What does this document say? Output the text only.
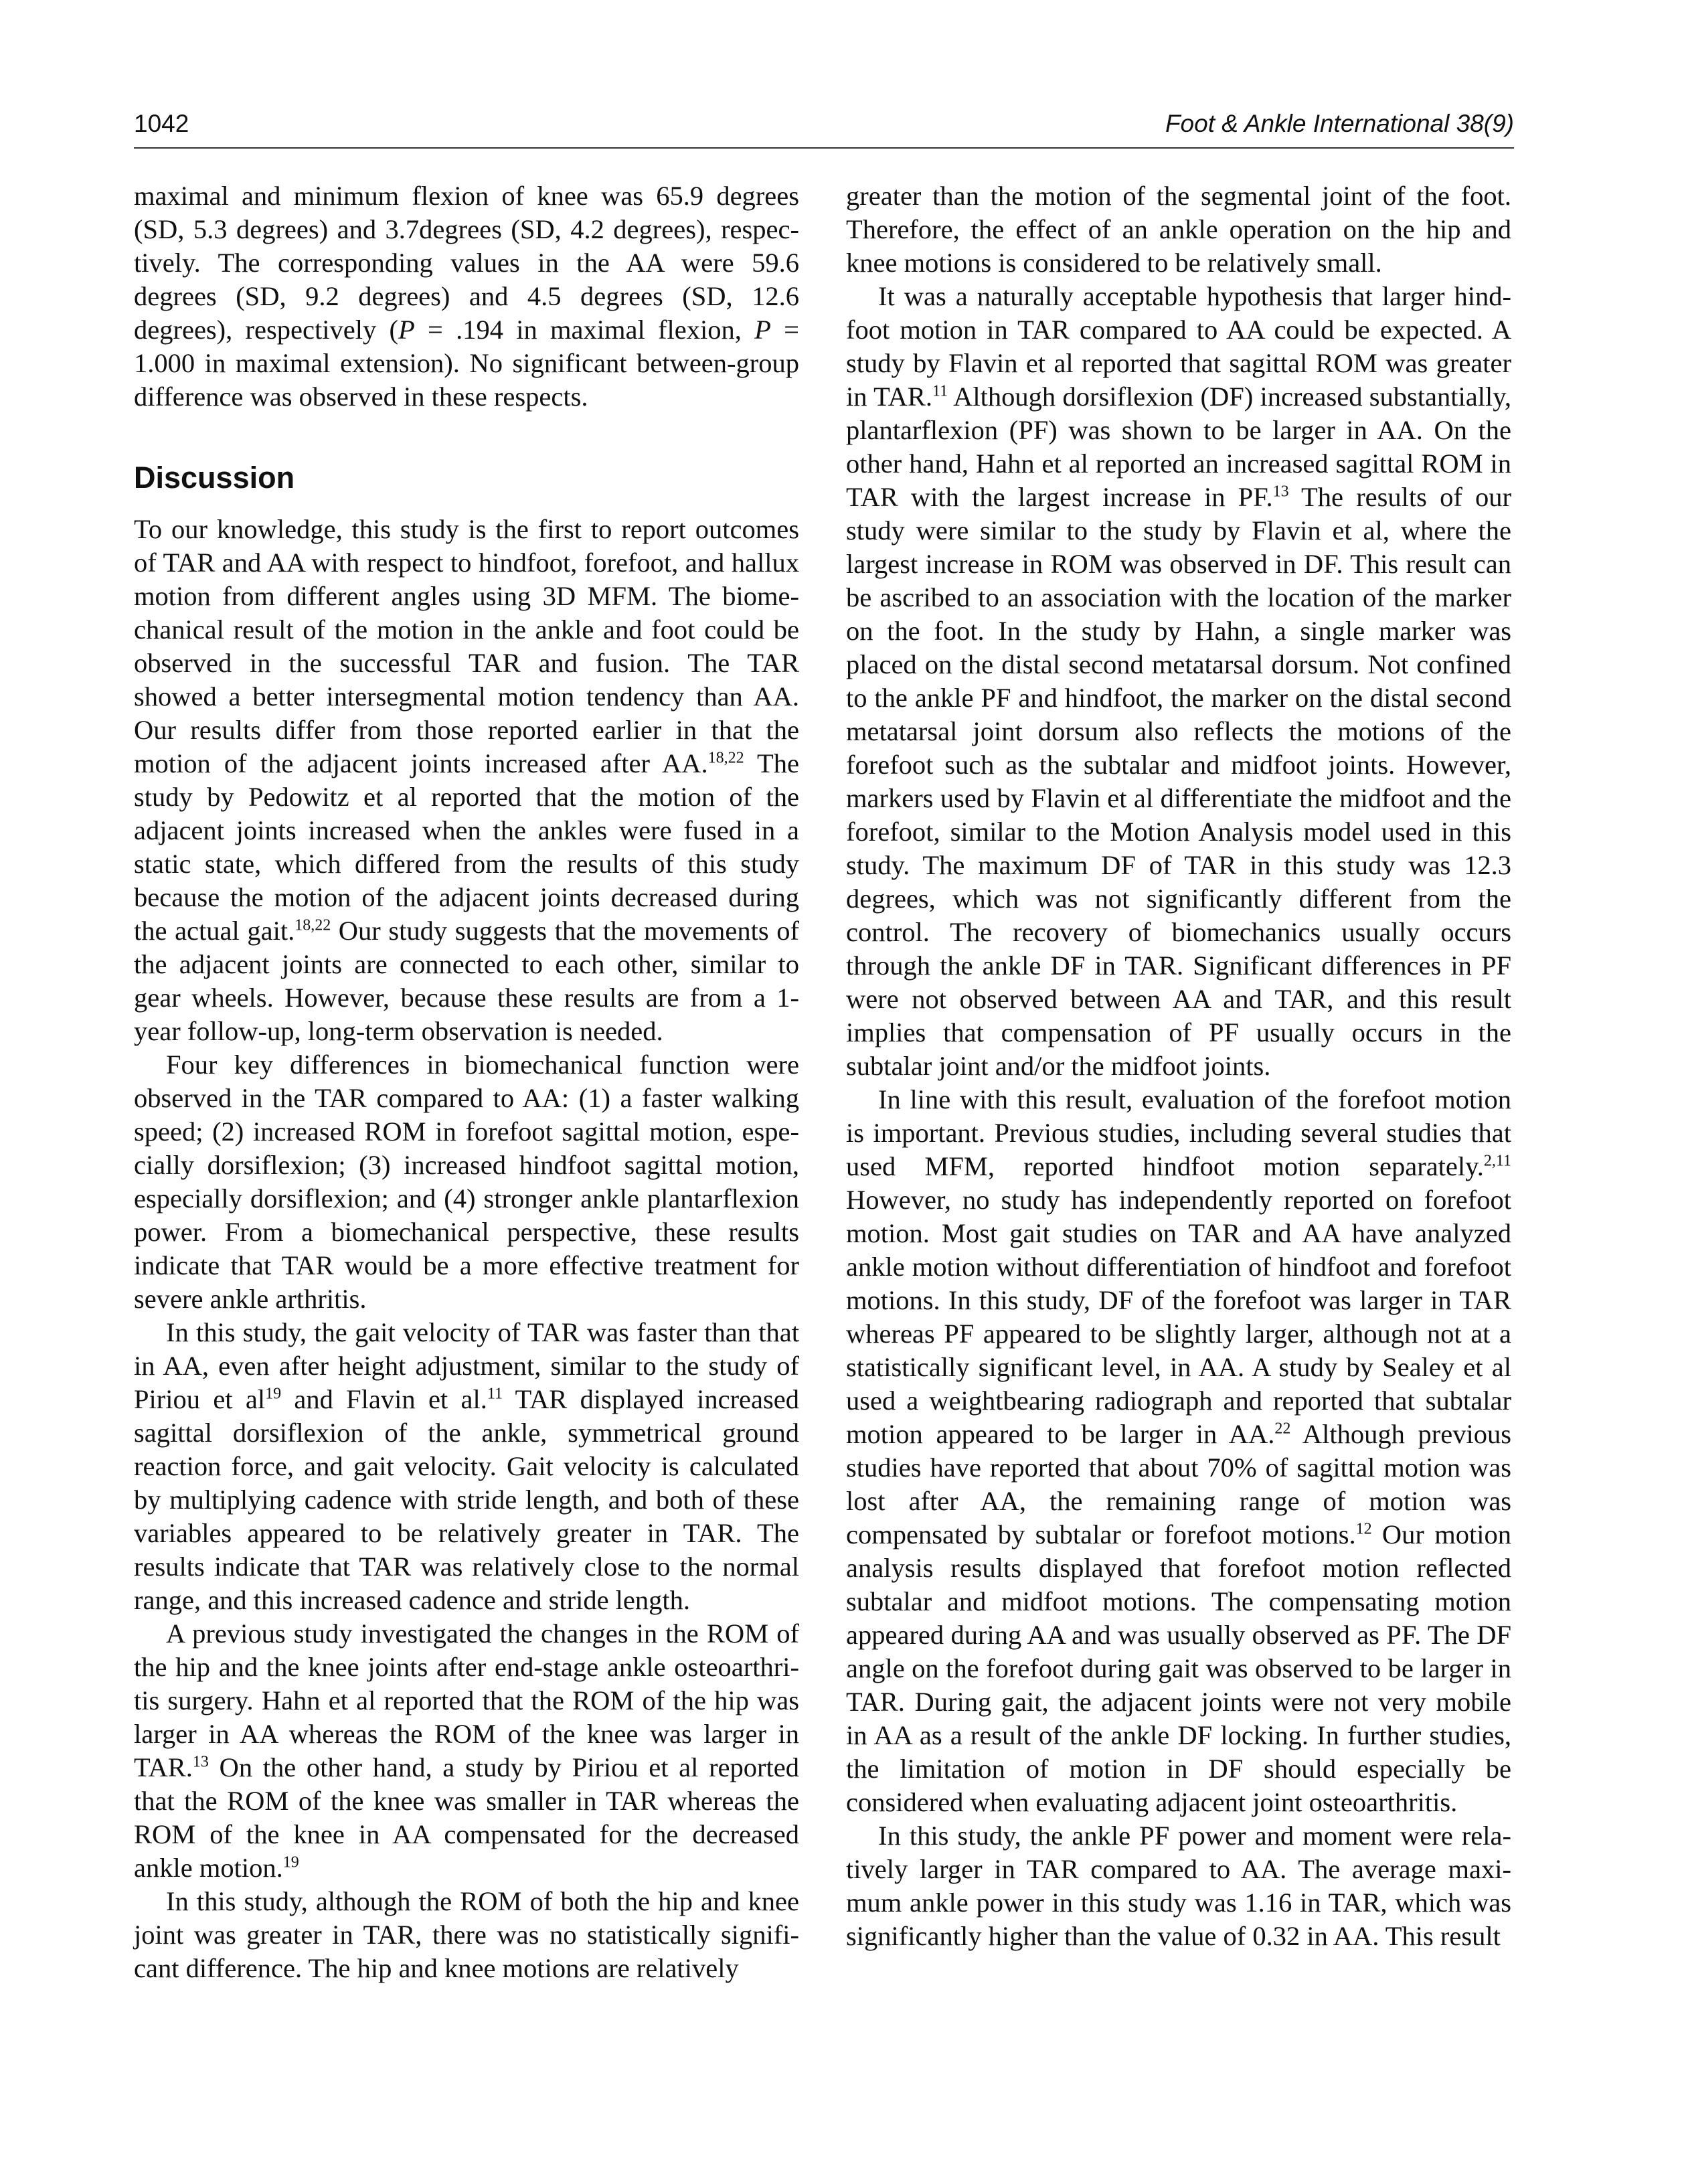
1042	Foot & Ankle International 38(9)

maximal and minimum flexion of knee was 65.9 degrees (SD, 5.3 degrees) and 3.7degrees (SD, 4.2 degrees), respectively. The corresponding values in the AA were 59.6 degrees (SD, 9.2 degrees) and 4.5 degrees (SD, 12.6 degrees), respectively (P = .194 in maximal flexion, P = 1.000 in maximal extension). No significant between-group difference was observed in these respects.

Discussion

To our knowledge, this study is the first to report outcomes of TAR and AA with respect to hindfoot, forefoot, and hallux motion from different angles using 3D MFM. The biomechanical result of the motion in the ankle and foot could be observed in the successful TAR and fusion. The TAR showed a better intersegmental motion tendency than AA. Our results differ from those reported earlier in that the motion of the adjacent joints increased after AA.$^{18,22}$ The study by Pedowitz et al reported that the motion of the adjacent joints increased when the ankles were fused in a static state, which differed from the results of this study because the motion of the adjacent joints decreased during the actual gait.$^{18,22}$ Our study suggests that the movements of the adjacent joints are connected to each other, similar to gear wheels. However, because these results are from a 1-year follow-up, long-term observation is needed.

Four key differences in biomechanical function were observed in the TAR compared to AA: (1) a faster walking speed; (2) increased ROM in forefoot sagittal motion, especially dorsiflexion; (3) increased hindfoot sagittal motion, especially dorsiflexion; and (4) stronger ankle plantarflexion power. From a biomechanical perspective, these results indicate that TAR would be a more effective treatment for severe ankle arthritis.

In this study, the gait velocity of TAR was faster than that in AA, even after height adjustment, similar to the study of Piriou et $al^{19}$ and Flavin et al.$^{11}$ TAR displayed increased sagittal dorsiflexion of the ankle, symmetrical ground reaction force, and gait velocity. Gait velocity is calculated by multiplying cadence with stride length, and both of these variables appeared to be relatively greater in TAR. The results indicate that TAR was relatively close to the normal range, and this increased cadence and stride length.

A previous study investigated the changes in the ROM of the hip and the knee joints after end-stage ankle osteoarthritis surgery. Hahn et al reported that the ROM of the hip was larger in AA whereas the ROM of the knee was larger in TAR.$^{13}$ On the other hand, a study by Piriou et al reported that the ROM of the knee was smaller in TAR whereas the ROM of the knee in AA compensated for the decreased ankle motion.$^{19}$

In this study, although the ROM of both the hip and knee joint was greater in TAR, there was no statistically significant difference. The hip and knee motions are relatively

greater than the motion of the segmental joint of the foot. Therefore, the effect of an ankle operation on the hip and knee motions is considered to be relatively small.

It was a naturally acceptable hypothesis that larger hindfoot motion in TAR compared to AA could be expected. A study by Flavin et al reported that sagittal ROM was greater in TAR.$^{11}$ Although dorsiflexion (DF) increased substantially, plantarflexion (PF) was shown to be larger in AA. On the other hand, Hahn et al reported an increased sagittal ROM in TAR with the largest increase in PF.$^{13}$ The results of our study were similar to the study by Flavin et al, where the largest increase in ROM was observed in DF. This result can be ascribed to an association with the location of the marker on the foot. In the study by Hahn, a single marker was placed on the distal second metatarsal dorsum. Not confined to the ankle PF and hindfoot, the marker on the distal second metatarsal joint dorsum also reflects the motions of the forefoot such as the subtalar and midfoot joints. However, markers used by Flavin et al differentiate the midfoot and the forefoot, similar to the Motion Analysis model used in this study. The maximum DF of TAR in this study was 12.3 degrees, which was not significantly different from the control. The recovery of biomechanics usually occurs through the ankle DF in TAR. Significant differences in PF were not observed between AA and TAR, and this result implies that compensation of PF usually occurs in the subtalar joint and/or the midfoot joints.

In line with this result, evaluation of the forefoot motion is important. Previous studies, including several studies that used MFM, reported hindfoot motion separately.$^{2,11}$ However, no study has independently reported on forefoot motion. Most gait studies on TAR and AA have analyzed ankle motion without differentiation of hindfoot and forefoot motions. In this study, DF of the forefoot was larger in TAR whereas PF appeared to be slightly larger, although not at a statistically significant level, in AA. A study by Sealey et al used a weightbearing radiograph and reported that subtalar motion appeared to be larger in AA.$^{22}$ Although previous studies have reported that about 70% of sagittal motion was lost after AA, the remaining range of motion was compensated by subtalar or forefoot motions.$^{12}$ Our motion analysis results displayed that forefoot motion reflected subtalar and midfoot motions. The compensating motion appeared during AA and was usually observed as PF. The DF angle on the forefoot during gait was observed to be larger in TAR. During gait, the adjacent joints were not very mobile in AA as a result of the ankle DF locking. In further studies, the limitation of motion in DF should especially be considered when evaluating adjacent joint osteoarthritis.

In this study, the ankle PF power and moment were relatively larger in TAR compared to AA. The average maximum ankle power in this study was 1.16 in TAR, which was significantly higher than the value of 0.32 in AA. This result
